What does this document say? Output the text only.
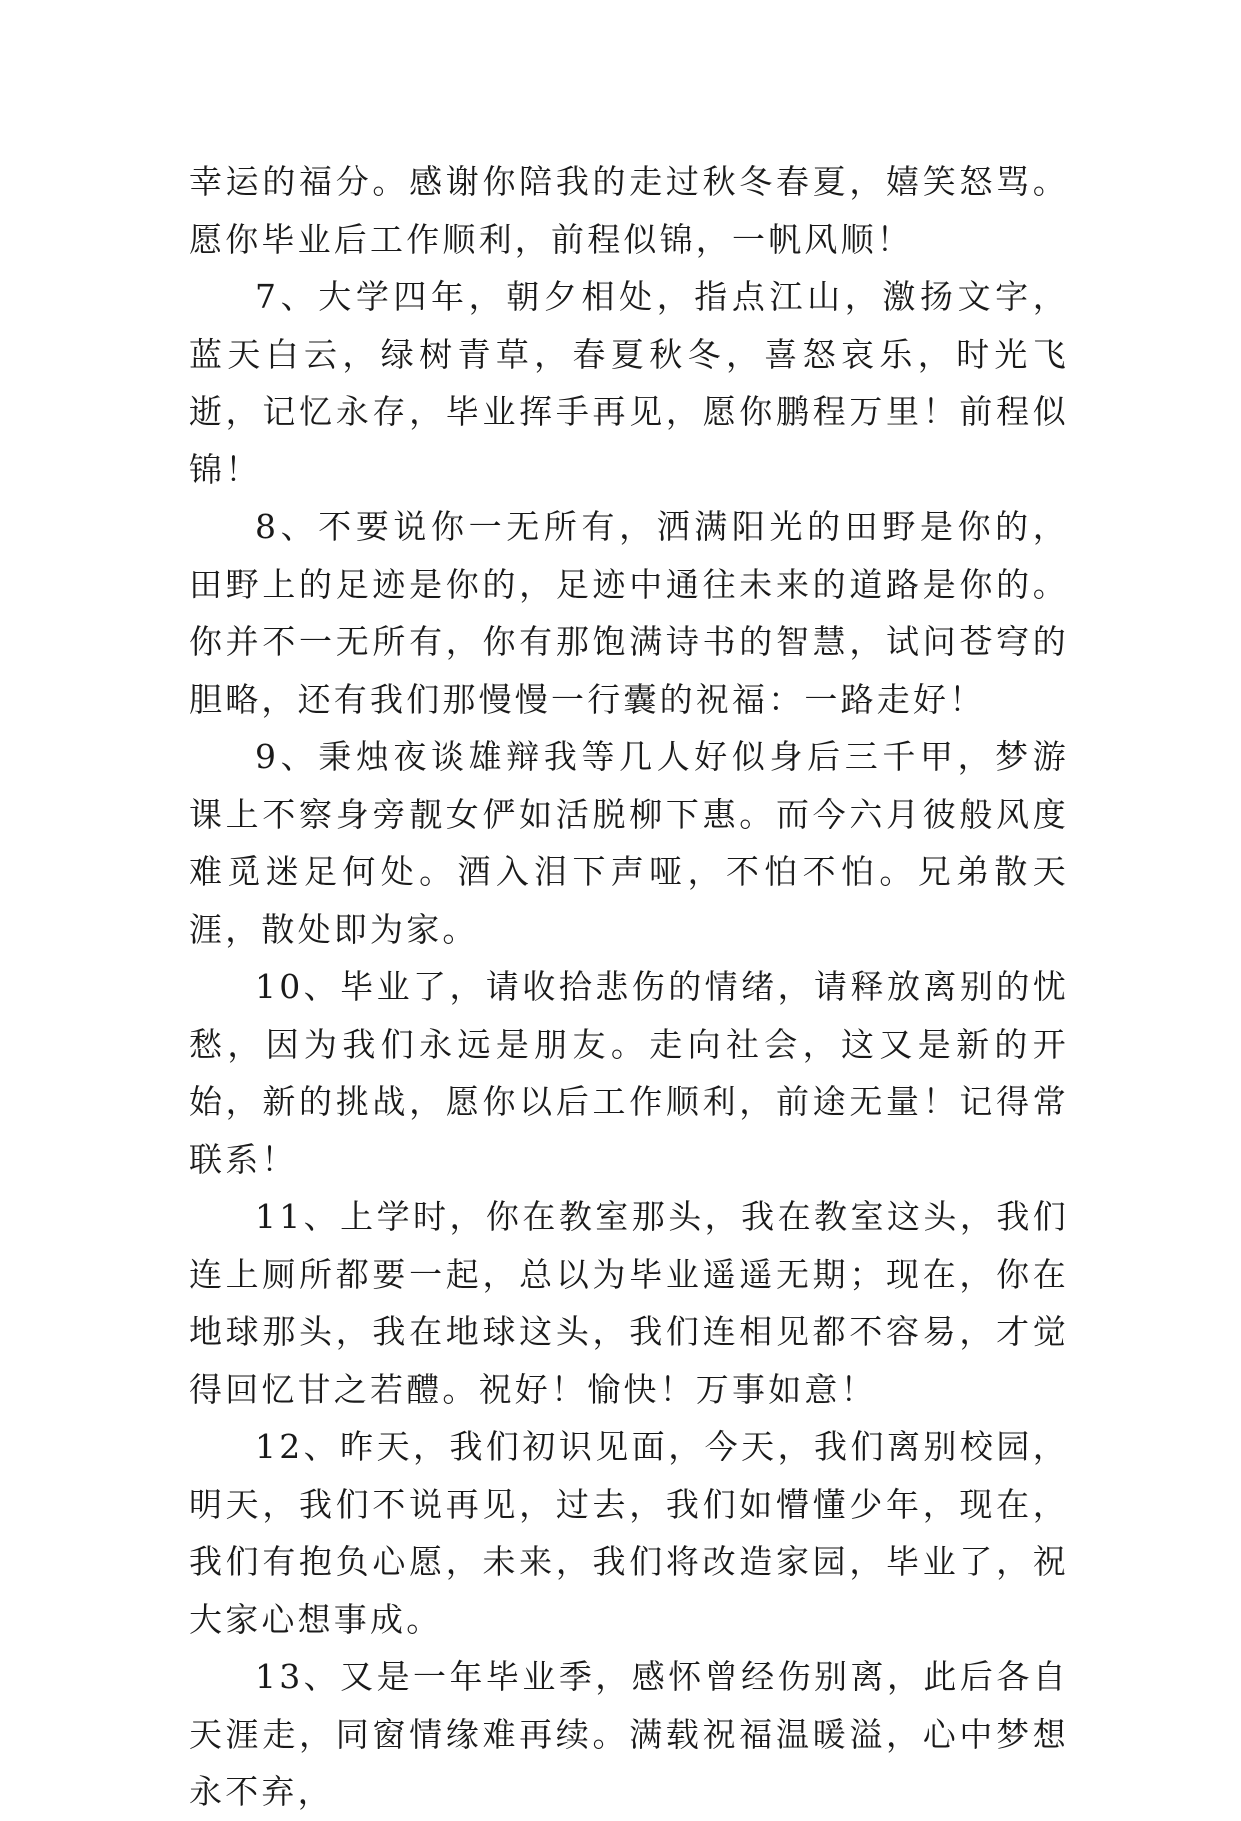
幸运的福分。感谢你陪我的走过秋冬春夏，嬉笑怒骂。愿你毕业后工作顺利，前程似锦，一帆风顺！

7、大学四年，朝夕相处，指点江山，激扬文字，蓝天白云，绿树青草，春夏秋冬，喜怒哀乐，时光飞逝，记忆永存，毕业挥手再见，愿你鹏程万里！前程似锦！

8、不要说你一无所有，洒满阳光的田野是你的，田野上的足迹是你的，足迹中通往未来的道路是你的。你并不一无所有，你有那饱满诗书的智慧，试问苍穹的胆略，还有我们那慢慢一行囊的祝福：一路走好！

9、秉烛夜谈雄辩我等几人好似身后三千甲，梦游课上不察身旁靓女俨如活脱柳下惠。而今六月彼般风度难觅迷足何处。酒入泪下声哑，不怕不怕。兄弟散天涯，散处即为家。

10、毕业了，请收拾悲伤的情绪，请释放离别的忧愁，因为我们永远是朋友。走向社会，这又是新的开始，新的挑战，愿你以后工作顺利，前途无量！记得常联系！

11、上学时，你在教室那头，我在教室这头，我们连上厕所都要一起，总以为毕业遥遥无期；现在，你在地球那头，我在地球这头，我们连相见都不容易，才觉得回忆甘之若醴。祝好！愉快！万事如意！

12、昨天，我们初识见面，今天，我们离别校园，明天，我们不说再见，过去，我们如懵懂少年，现在，我们有抱负心愿，未来，我们将改造家园，毕业了，祝大家心想事成。

13、又是一年毕业季，感怀曾经伤别离，此后各自天涯走，同窗情缘难再续。满载祝福温暖溢，心中梦想永不弃，
